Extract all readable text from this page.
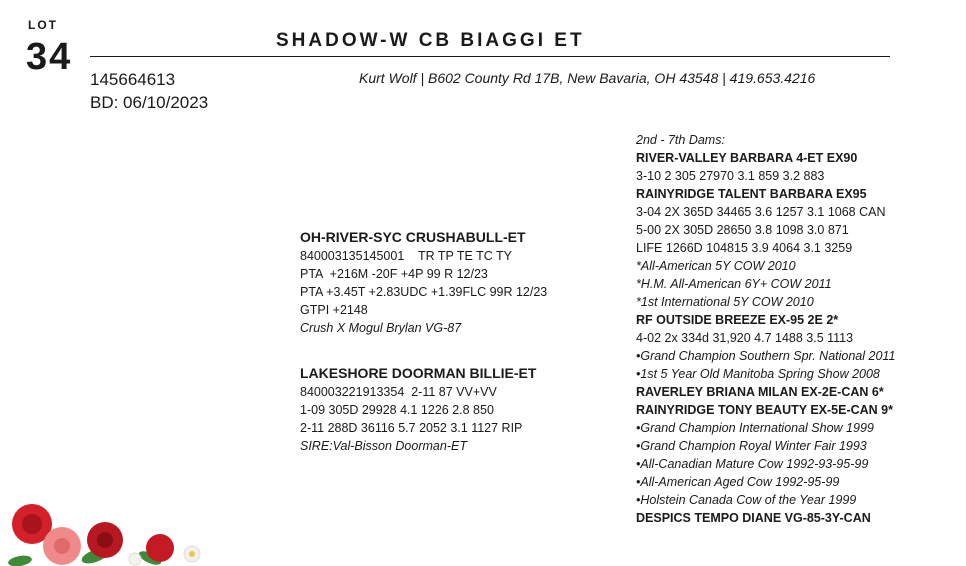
LOT
34	SHADOW-W CB BIAGGI ET
145664613
BD: 06/10/2023
Kurt Wolf | B602 County Rd 17B, New Bavaria, OH 43548 | 419.653.4216
OH-RIVER-SYC CRUSHABULL-ET
840003135145001    TR TP TE TC TY
PTA  +216M -20F +4P 99 R 12/23
PTA +3.45T +2.83UDC +1.39FLC 99R 12/23
GTPI +2148
Crush X Mogul Brylan VG-87
LAKESHORE DOORMAN BILLIE-ET
840003221913354  2-11 87 VV+VV
1-09 305D 29928 4.1 1226 2.8 850
2-11 288D 36116 5.7 2052 3.1 1127 RIP
SIRE:Val-Bisson Doorman-ET
2nd - 7th Dams:
RIVER-VALLEY BARBARA 4-ET EX90
3-10 2 305 27970 3.1 859 3.2 883
RAINYRIDGE TALENT BARBARA EX95
3-04 2X 365D 34465 3.6 1257 3.1 1068 CAN
5-00 2X 305D 28650 3.8 1098 3.0 871
LIFE 1266D 104815 3.9 4064 3.1 3259
*All-American 5Y COW 2010
*H.M. All-American 6Y+ COW 2011
*1st International 5Y COW 2010
RF OUTSIDE BREEZE EX-95 2E 2*
4-02 2x 334d 31,920 4.7 1488 3.5 1113
•Grand Champion Southern Spr. National 2011
•1st 5 Year Old Manitoba Spring Show 2008
RAVERLEY BRIANA MILAN EX-2E-CAN 6*
RAINYRIDGE TONY BEAUTY EX-5E-CAN 9*
•Grand Champion International Show 1999
•Grand Champion Royal Winter Fair 1993
•All-Canadian Mature Cow 1992-93-95-99
•All-American Aged Cow 1992-95-99
•Holstein Canada Cow of the Year 1999
DESPICS TEMPO DIANE VG-85-3Y-CAN
